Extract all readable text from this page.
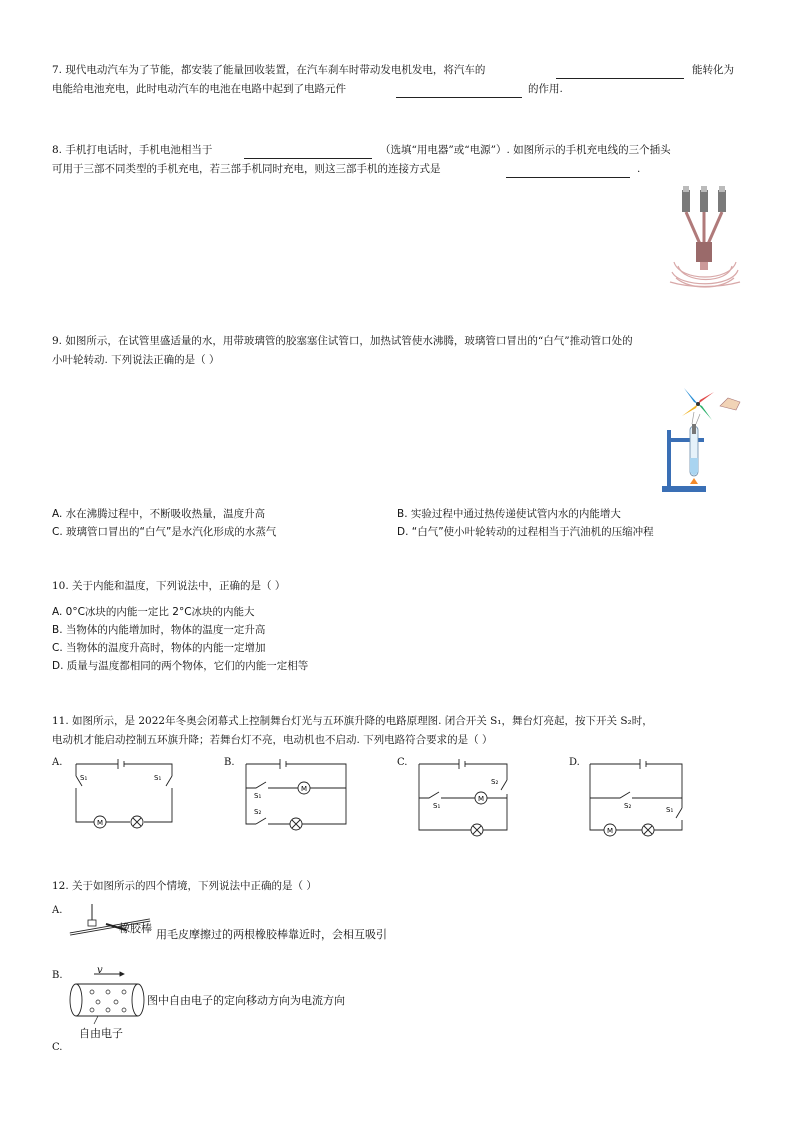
7. 现代电动汽车为了节能，都安装了能量回收装置，在汽车刹车时带动发电机发电，将汽车的	能转化为
电能给电池充电，此时电动汽车的电池在电路中起到了电路元件	的作用.
8. 手机打电话时，手机电池相当于	（选填“用电器”或“电源”）. 如图所示的手机充电线的三个插头
可用于三部不同类型的手机充电，若三部手机同时充电，则这三部手机的连接方式是	.
9. 如图所示，在试管里盛适量的水，用带玻璃管的胶塞塞住试管口，加热试管使水沸腾，玻璃管口冒出的“白气”推动管口处的
小叶轮转动. 下列说法正确的是（ ）
A. 水在沸腾过程中，不断吸收热量，温度升高	B. 实验过程中通过热传递使试管内水的内能增大
C. 玻璃管口冒出的“白气”是水汽化形成的水蒸气	D. “白气”使小叶轮转动的过程相当于汽油机的压缩冲程
10. 关于内能和温度，下列说法中，正确的是（ ）
A. 0°C冰块的内能一定比 2°C冰块的内能大
B. 当物体的内能增加时，物体的温度一定升高
C. 当物体的温度升高时，物体的内能一定增加
D. 质量与温度都相同的两个物体，它们的内能一定相等
11. 如图所示，是 2022年冬奥会闭幕式上控制舞台灯光与五环旗升降的电路原理图. 闭合开关 S₁，舞台灯亮起，按下开关 S₂时，
电动机才能启动控制五环旗升降；若舞台灯不亮，电动机也不启动. 下列电路符合要求的是（ ）
A.	B.	C.	D.
S₁	S₁
M
S₁
S₂
M
S₂
S₁
M
S₂	S₁
M
12. 关于如图所示的四个情境，下列说法中正确的是（ ）
A.
橡胶棒 用毛皮摩擦过的两根橡胶棒靠近时，会相互吸引
B.	v
图中自由电子的定向移动方向为电流方向
自由电子
C.
